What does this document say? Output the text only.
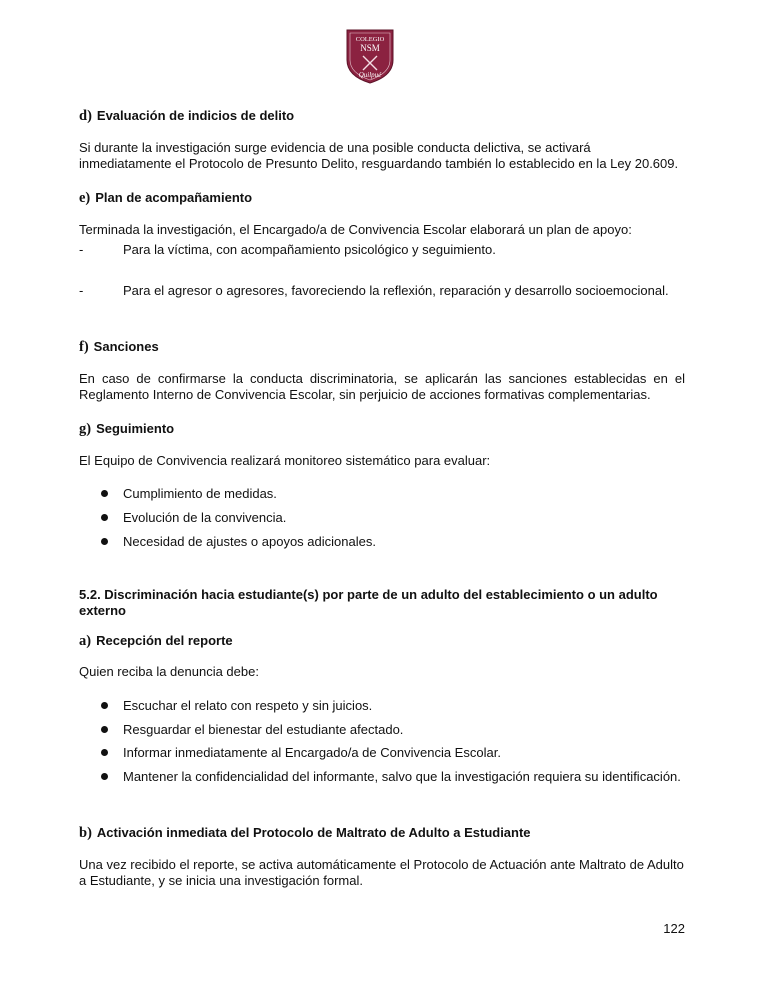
COLEGIO
NSM
Quilpué
d) Evaluación de indicios de delito
Si durante la investigación surge evidencia de una posible conducta delictiva, se activará inmediatamente el Protocolo de Presunto Delito, resguardando también lo establecido en la Ley 20.609.
e) Plan de acompañamiento
Terminada la investigación, el Encargado/a de Convivencia Escolar elaborará un plan de apoyo:
-	Para la víctima, con acompañamiento psicológico y seguimiento.
-	Para el agresor o agresores, favoreciendo la reflexión, reparación y desarrollo socioemocional.
f) Sanciones
En caso de confirmarse la conducta discriminatoria, se aplicarán las sanciones establecidas en el Reglamento Interno de Convivencia Escolar, sin perjuicio de acciones formativas complementarias.
g) Seguimiento
El Equipo de Convivencia realizará monitoreo sistemático para evaluar:
Cumplimiento de medidas.
Evolución de la convivencia.
Necesidad de ajustes o apoyos adicionales.
5.2. Discriminación hacia estudiante(s) por parte de un adulto del establecimiento o un adulto externo
a) Recepción del reporte
Quien reciba la denuncia debe:
Escuchar el relato con respeto y sin juicios.
Resguardar el bienestar del estudiante afectado.
Informar inmediatamente al Encargado/a de Convivencia Escolar.
Mantener la confidencialidad del informante, salvo que la investigación requiera su identificación.
b) Activación inmediata del Protocolo de Maltrato de Adulto a Estudiante
Una vez recibido el reporte, se activa automáticamente el Protocolo de Actuación ante Maltrato de Adulto a Estudiante, y se inicia una investigación formal.
122
